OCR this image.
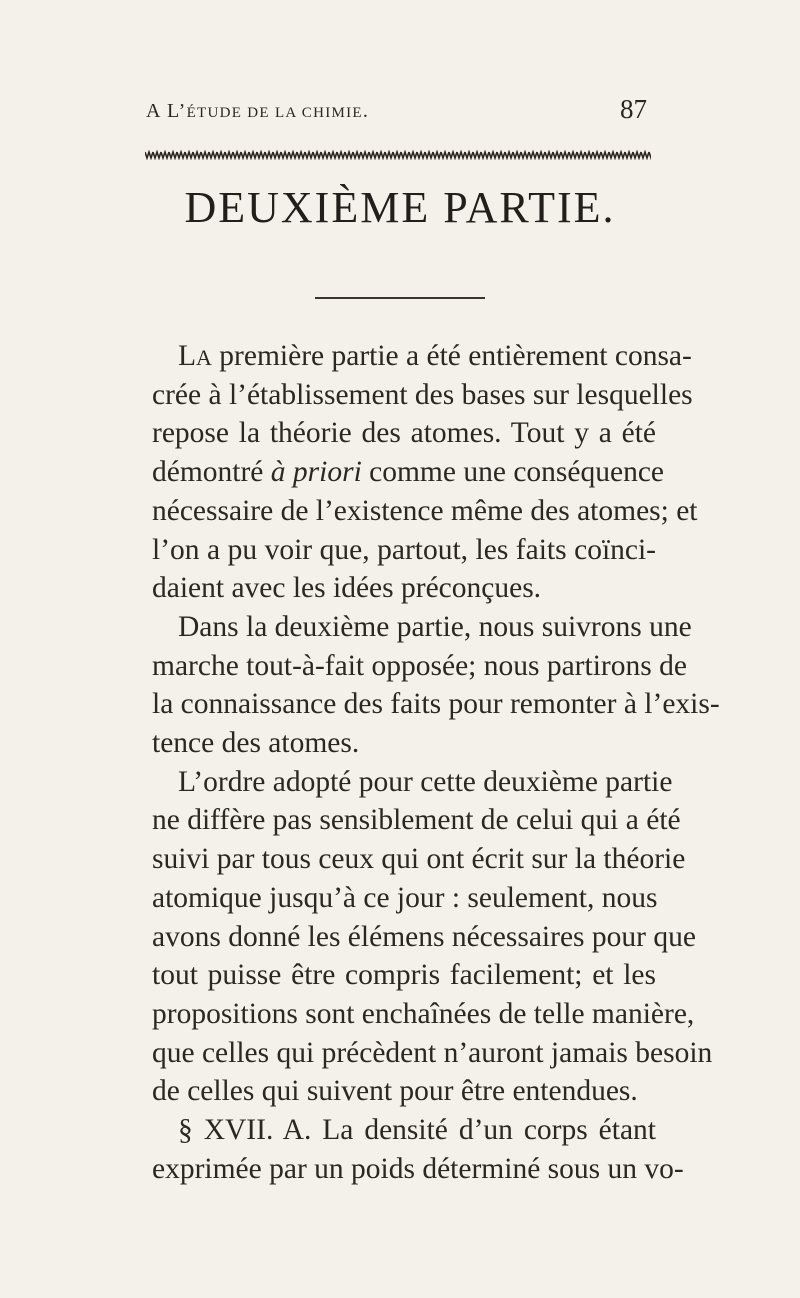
A L’ÉTUDE DE LA CHIMIE.	87
DEUXIÈME PARTIE.
LA première partie a été entièrement consa-
crée à l’établissement des bases sur lesquelles
repose la théorie des atomes. Tout y a été
démontré à priori comme une conséquence
nécessaire de l’existence même des atomes; et
l’on a pu voir que, partout, les faits coïnci-
daient avec les idées préconçues.
Dans la deuxième partie, nous suivrons une
marche tout-à-fait opposée; nous partirons de
la connaissance des faits pour remonter à l’exis-
tence des atomes.
L’ordre adopté pour cette deuxième partie
ne diffère pas sensiblement de celui qui a été
suivi par tous ceux qui ont écrit sur la théorie
atomique jusqu’à ce jour : seulement, nous
avons donné les élémens nécessaires pour que
tout puisse être compris facilement; et les
propositions sont enchaînées de telle manière,
que celles qui précèdent n’auront jamais besoin
de celles qui suivent pour être entendues.
§ XVII. A. La densité d’un corps étant
exprimée par un poids déterminé sous un vo-
